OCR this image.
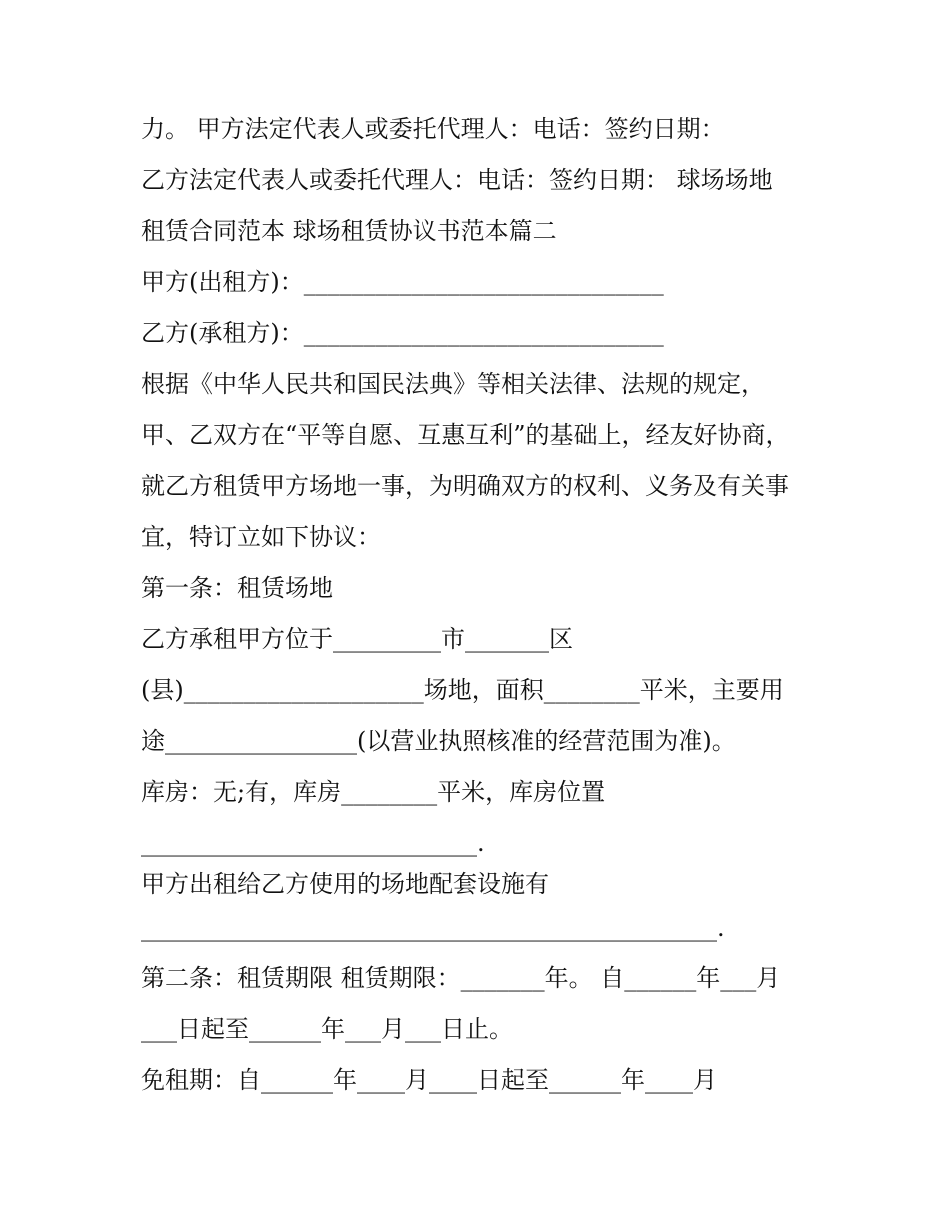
力。 甲方法定代表人或委托代理人：电话：签约日期：
乙方法定代表人或委托代理人：电话：签约日期： 球场场地
租赁合同范本 球场租赁协议书范本篇二
甲方(出租方)：______________________________
乙方(承租方)：______________________________
根据《中华人民共和国民法典》等相关法律、法规的规定，
甲、乙双方在“平等自愿、互惠互利”的基础上，经友好协商，
就乙方租赁甲方场地一事，为明确双方的权利、义务及有关事
宜，特订立如下协议：
第一条：租赁场地
乙方承租甲方位于_________市_______区
(县)____________________场地，面积________平米，主要用
途________________(以营业执照核准的经营范围为准)。
库房：无;有，库房________平米，库房位置
____________________________.
甲方出租给乙方使用的场地配套设施有
________________________________________________.
第二条：租赁期限 租赁期限：_______年。 自______年___月
___日起至______年___月___日止。
免租期：自______年____月____日起至______年____月
